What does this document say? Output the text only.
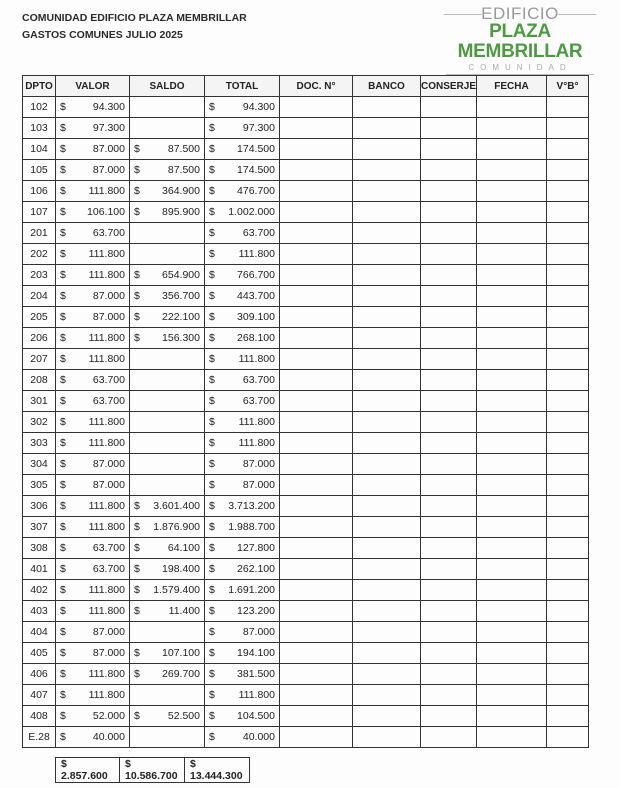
COMUNIDAD EDIFICIO PLAZA MEMBRILLAR
GASTOS COMUNES JULIO 2025
EDIFICIO
PLAZA MEMBRILLAR
COMUNIDAD
DPTO	VALOR	SALDO	TOTAL	DOC. N°	BANCO	CONSERJE	FECHA	V°B°
102	$ 94.300		$ 94.300					

103	$ 97.300		$ 97.300					

104	$ 87.000	$ 87.500	$ 174.500					

105	$ 87.000	$ 87.500	$ 174.500					

106	$ 111.800	$ 364.900	$ 476.700					

107	$ 106.100	$ 895.900	$ 1.002.000					

201	$ 63.700		$ 63.700					

202	$ 111.800		$ 111.800					

203	$ 111.800	$ 654.900	$ 766.700					

204	$ 87.000	$ 356.700	$ 443.700					

205	$ 87.000	$ 222.100	$ 309.100					

206	$ 111.800	$ 156.300	$ 268.100					

207	$ 111.800		$ 111.800					

208	$ 63.700		$ 63.700					

301	$ 63.700		$ 63.700					

302	$ 111.800		$ 111.800					

303	$ 111.800		$ 111.800					

304	$ 87.000		$ 87.000					

305	$ 87.000		$ 87.000					

306	$ 111.800	$ 3.601.400	$ 3.713.200					

307	$ 111.800	$ 1.876.900	$ 1.988.700					

308	$ 63.700	$ 64.100	$ 127.800					

401	$ 63.700	$ 198.400	$ 262.100					

402	$ 111.800	$ 1.579.400	$ 1.691.200					

403	$ 111.800	$ 11.400	$ 123.200					

404	$ 87.000		$ 87.000					

405	$ 87.000	$ 107.100	$ 194.100					

406	$ 111.800	$ 269.700	$ 381.500					

407	$ 111.800		$ 111.800					

408	$ 52.000	$ 52.500	$ 104.500					

E.28	$ 40.000		$ 40.000					

$ 2.857.600	$ 10.586.700	$ 13.444.300
